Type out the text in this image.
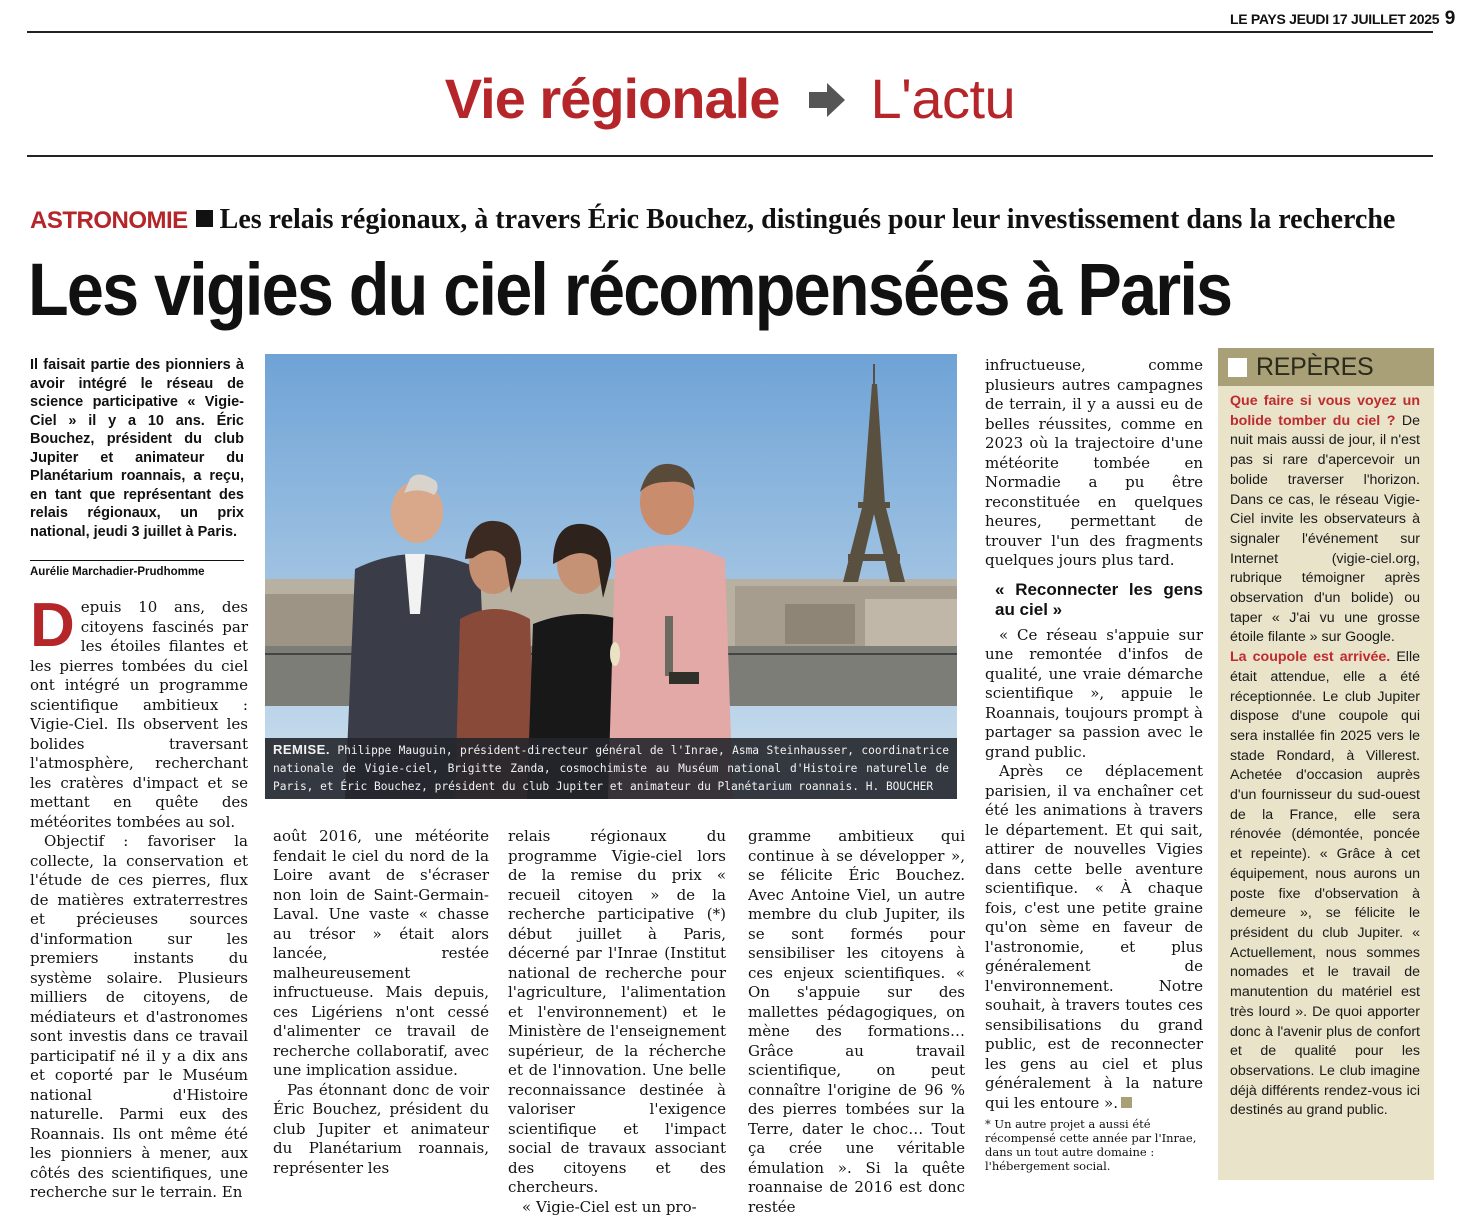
LE PAYS JEUDI 17 JUILLET 2025 9
Vie régionale L'actu
ASTRONOMIE Les relais régionaux, à travers Éric Bouchez, distingués pour leur investissement dans la recherche
Les vigies du ciel récompensées à Paris
Il faisait partie des pionniers à avoir intégré le réseau de science participative « Vigie-Ciel » il y a 10 ans. Éric Bouchez, président du club Jupiter et animateur du Planétarium roannais, a reçu, en tant que représentant des relais régionaux, un prix national, jeudi 3 juillet à Paris.
Aurélie Marchadier-Prudhomme

Depuis 10 ans, des citoyens fascinés par les étoiles filantes et les pierres tombées du ciel ont intégré un programme scientifique ambitieux : Vigie-Ciel. Ils observent les bolides traversant l'atmosphère, recherchant les cratères d'impact et se mettant en quête des météorites tombées au sol.

Objectif : favoriser la collecte, la conservation et l'étude de ces pierres, flux de matières extraterrestres et précieuses sources d'information sur les premiers instants du système solaire. Plusieurs milliers de citoyens, de médiateurs et d'astronomes sont investis dans ce travail participatif né il y a dix ans et coporté par le Muséum national d'Histoire naturelle. Parmi eux des Roannais. Ils ont même été les pionniers à mener, aux côtés des scientifiques, une recherche sur le terrain. En

REMISE. Philippe Mauguin, président-directeur général de l'Inrae, Asma Steinhausser, coordinatrice nationale de Vigie-ciel, Brigitte Zanda, cosmochimiste au Muséum national d'Histoire naturelle de Paris, et Éric Bouchez, président du club Jupiter et animateur du Planétarium roannais. H. BOUCHER

août 2016, une météorite fendait le ciel du nord de la Loire avant de s'écraser non loin de Saint-Germain-Laval. Une vaste « chasse au trésor » était alors lancée, restée malheureusement infructueuse. Mais depuis, ces Ligériens n'ont cessé d'alimenter ce travail de recherche collaboratif, avec une implication assidue.

Pas étonnant donc de voir Éric Bouchez, président du club Jupiter et animateur du Planétarium roannais, représenter les

relais régionaux du programme Vigie-ciel lors de la remise du prix « recueil citoyen » de la recherche participative (*) début juillet à Paris, décerné par l'Inrae (Institut national de recherche pour l'agriculture, l'alimentation et l'environnement) et le Ministère de l'enseignement supérieur, de la récherche et de l'innovation. Une belle reconnaissance destinée à valoriser l'exigence scientifique et l'impact social de travaux associant des citoyens et des chercheurs.

« Vigie-Ciel est un pro-

gramme ambitieux qui continue à se développer », se félicite Éric Bouchez. Avec Antoine Viel, un autre membre du club Jupiter, ils se sont formés pour sensibiliser les citoyens à ces enjeux scientifiques. « On s'appuie sur des mallettes pédagogiques, on mène des formations… Grâce au travail scientifique, on peut connaître l'origine de 96 % des pierres tombées sur la Terre, dater le choc… Tout ça crée une véritable émulation ». Si la quête roannaise de 2016 est donc restée

infructueuse, comme plusieurs autres campagnes de terrain, il y a aussi eu de belles réussites, comme en 2023 où la trajectoire d'une météorite tombée en Normadie a pu être reconstituée en quelques heures, permettant de trouver l'un des fragments quelques jours plus tard.

« Reconnecter les gens au ciel »

« Ce réseau s'appuie sur une remontée d'infos de qualité, une vraie démarche scientifique », appuie le Roannais, toujours prompt à partager sa passion avec le grand public.

Après ce déplacement parisien, il va enchaîner cet été les animations à travers le département. Et qui sait, attirer de nouvelles Vigies dans cette belle aventure scientifique. « À chaque fois, c'est une petite graine qu'on sème en faveur de l'astronomie, et plus généralement de l'environnement. Notre souhait, à travers toutes ces sensibilisations du grand public, est de reconnecter les gens au ciel et plus généralement à la nature qui les entoure ».

* Un autre projet a aussi été récompensé cette année par l'Inrae, dans un tout autre domaine : l'hébergement social.

REPÈRES
Que faire si vous voyez un bolide tomber du ciel ? De nuit mais aussi de jour, il n'est pas si rare d'apercevoir un bolide traverser l'horizon. Dans ce cas, le réseau Vigie-Ciel invite les observateurs à signaler l'événement sur Internet (vigie-ciel.org, rubrique témoigner après observation d'un bolide) ou taper « J'ai vu une grosse étoile filante » sur Google.
La coupole est arrivée. Elle était attendue, elle a été réceptionnée. Le club Jupiter dispose d'une coupole qui sera installée fin 2025 vers le stade Rondard, à Villerest. Achetée d'occasion auprès d'un fournisseur du sud-ouest de la France, elle sera rénovée (démontée, poncée et repeinte). « Grâce à cet équipement, nous aurons un poste fixe d'observation à demeure », se félicite le président du club Jupiter. « Actuellement, nous sommes nomades et le travail de manutention du matériel est très lourd ». De quoi apporter donc à l'avenir plus de confort et de qualité pour les observations. Le club imagine déjà différents rendez-vous ici destinés au grand public.
